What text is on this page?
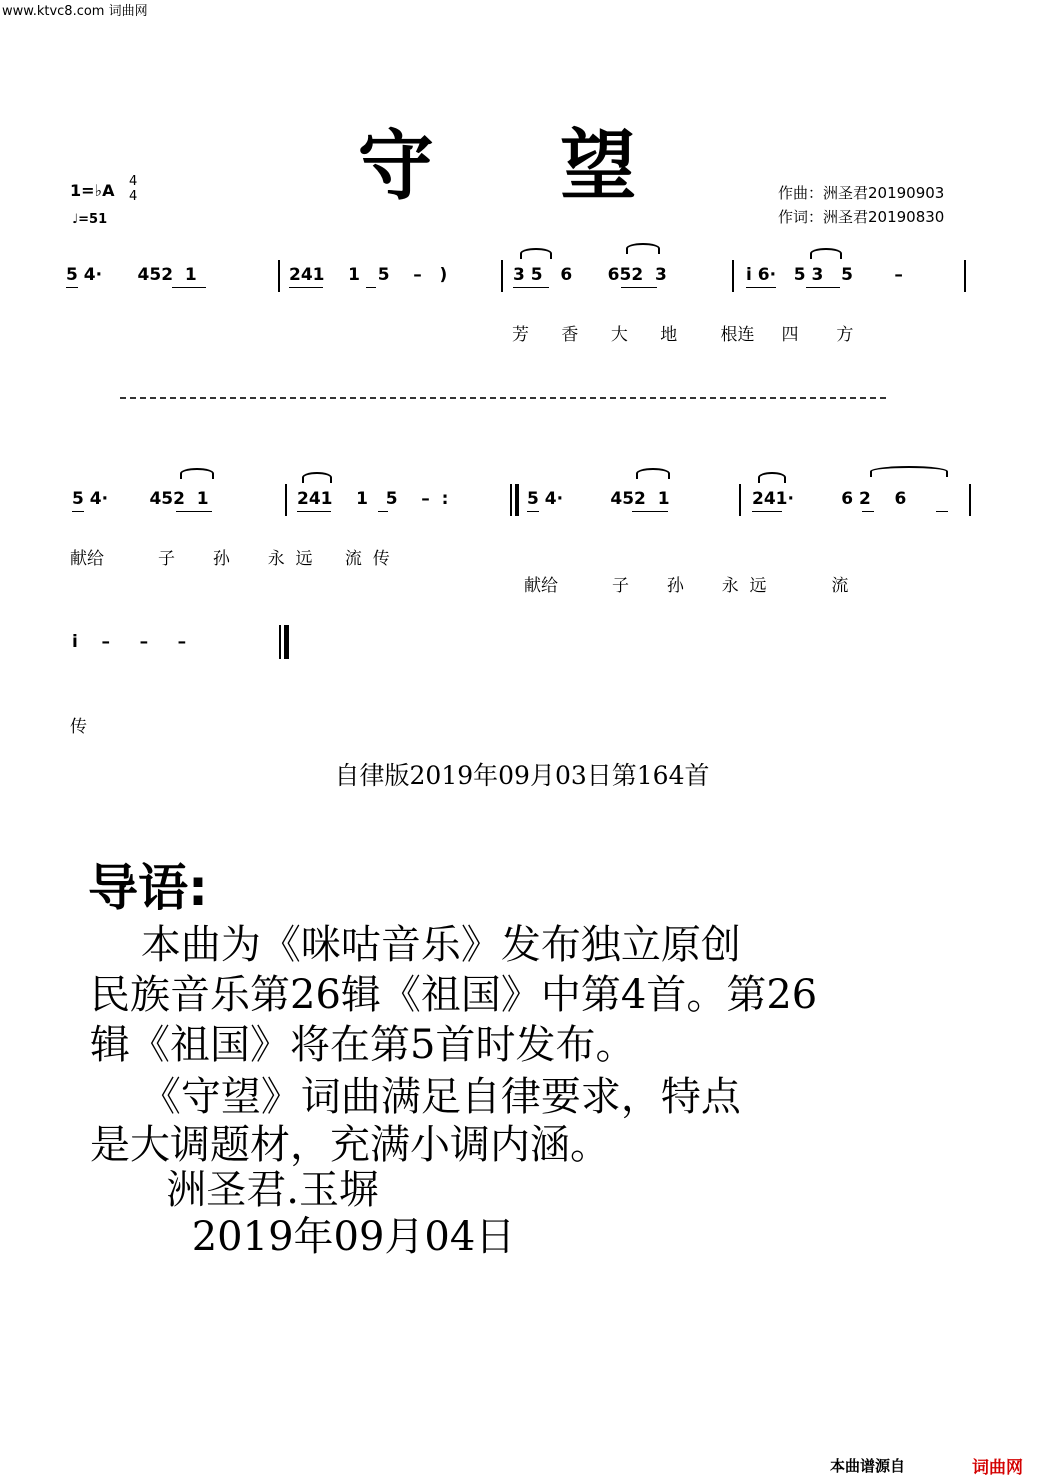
www.ktvc8.com 词曲网
守 望
1=♭A 4
4
♩=51
作曲：洲圣君20190903
作词：洲圣君20190830
5 4·      452  1	241    1   5    –   )	3 5   6      652  3	i 6·   5 3   5       –
芳      香      大      地        根连     四       方
5 4·       452  1	241    1   5    –  :	5 4·        452  1	241·        6 2    6
献给          子       孙       永  远      流  传
献给          子       孙       永  远            流
i    –     –     –
传
自律版2019年09月03日第164首
导语:
本曲为《咪咕音乐》发布独立原创
民族音乐第26辑《祖国》中第4首。第26
辑《祖国》将在第5首时发布。
《守望》词曲满足自律要求，特点
是大调题材，充满小调内涵。
洲圣君.玉塀
2019年09月04日
本曲谱源自	词曲网
